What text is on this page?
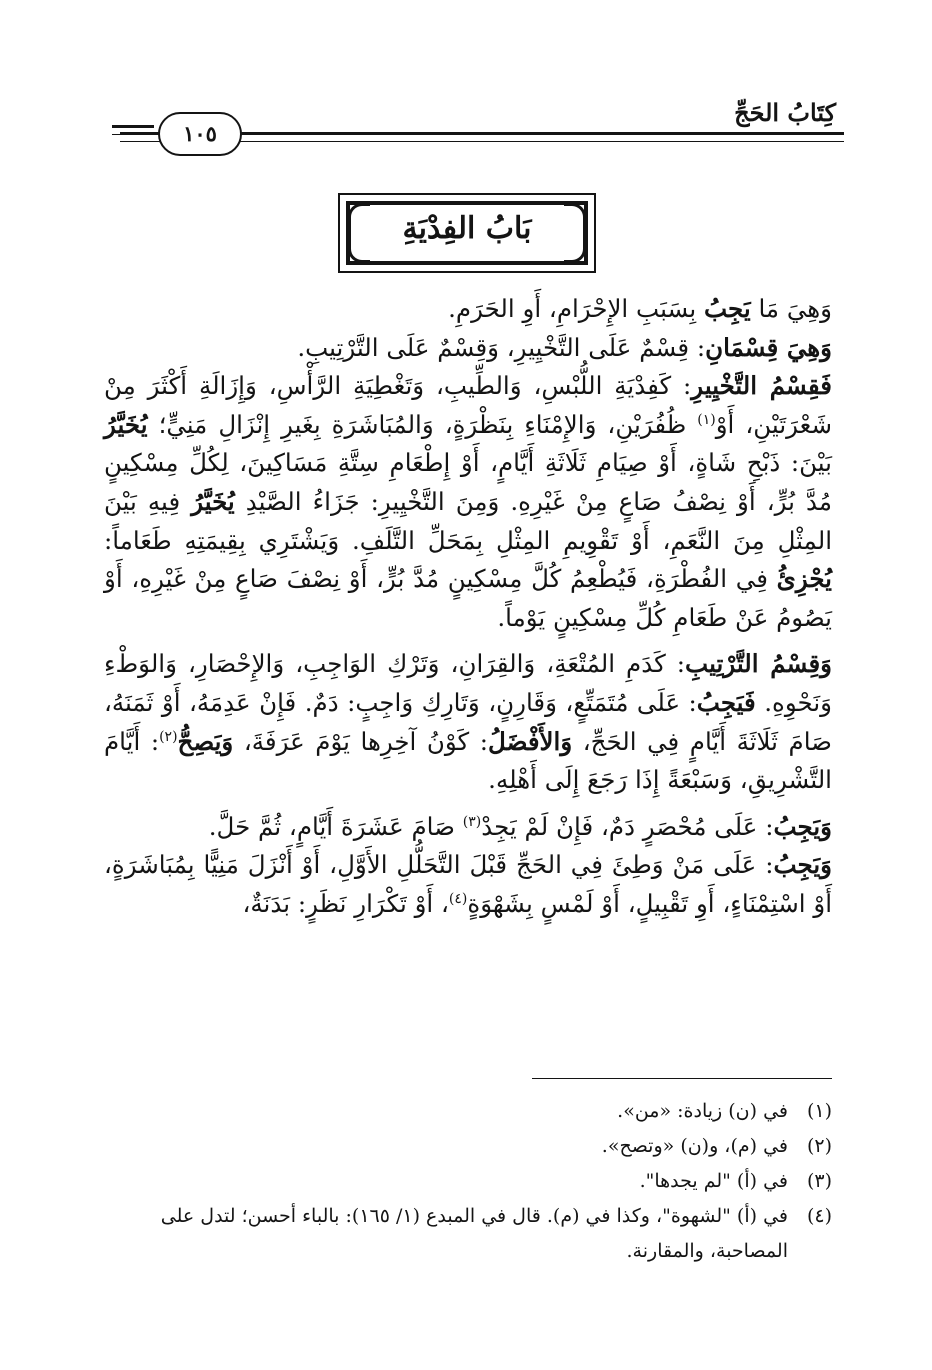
كِتَابُ الحَجِّ
١٠٥
بَابُ الفِدْيَةِ

وَهِيَ مَا يَجِبُ بِسَبَبِ الإِحْرَامِ، أَوِ الحَرَمِ.

وَهِيَ قِسْمَانِ: قِسْمٌ عَلَى التَّخْيِيرِ، وَقِسْمٌ عَلَى التَّرْتِيبِ.

فَقِسْمُ التَّخْيِيرِ: كَفِدْيَةِ اللُّبْسِ، وَالطِّيبِ، وَتَغْطِيَةِ الرَّأْسِ، وَإِزَالَةِ أَكْثَرَ مِنْ شَعْرَتَيْنِ، أَوْ$^{(١)}$ ظُفُرَيْنِ، وَالإِمْنَاءِ بِنَظْرَةٍ، وَالمُبَاشَرَةِ بِغَيرِ إِنْزَالِ مَنِيٍّ؛ يُخَيَّرُ بَيْنَ: ذَبْحِ شَاةٍ، أَوْ صِيَامِ ثَلَاثَةِ أَيَّامٍ، أَوْ إِطْعَامِ سِتَّةِ مَسَاكِينَ، لِكُلِّ مِسْكِينٍ مُدَّ بُرٍّ، أَوْ نِصْفُ صَاعٍ مِنْ غَيْرِهِ. وَمِنَ التَّخْيِيرِ: جَزَاءُ الصَّيْدِ يُخَيَّرُ فِيهِ بَيْنَ المِثْلِ مِنَ النَّعَمِ، أَوْ تَقْوِيمِ المِثْلِ بِمَحَلِّ التَّلَفِ. وَيَشْتَرِي بِقِيمَتِهِ طَعَاماً: يُجْزِئُ فِي الفُطْرَةِ، فَيُطْعِمُ كُلَّ مِسْكِينٍ مُدَّ بُرٍّ، أَوْ نِصْفَ صَاعٍ مِنْ غَيْرِهِ، أَوْ يَصُومُ عَنْ طَعَامِ كُلِّ مِسْكِينٍ يَوْماً.

وَقِسْمُ التَّرْتِيبِ: كَدَمِ المُتْعَةِ، وَالقِرَانِ، وَتَرْكِ الوَاجِبِ، وَالإِحْصَارِ، وَالوَطْءِ وَنَحْوِهِ. فَيَجِبُ: عَلَى مُتَمَتِّعٍ، وَقَارِنٍ، وَتَارِكِ وَاجِبٍ: دَمٌ. فَإِنْ عَدِمَهُ، أَوْ ثَمَنَهُ، صَامَ ثَلَاثَةَ أَيَّامٍ فِي الحَجِّ، وَالأَفْضَلُ: كَوْنُ آخِرِها يَوْمَ عَرَفَةَ، وَيَصِحُّ$^{(٢)}$: أَيَّامَ التَّشْرِيقِ، وَسَبْعَةً إِذَا رَجَعَ إِلَى أَهْلِهِ.

وَيَجِبُ: عَلَى مُحْصَرٍ دَمٌ، فَإِنْ لَمْ يَجِدْ$^{(٣)}$ صَامَ عَشَرَةَ أَيَّامٍ، ثُمَّ حَلَّ.

وَيَجِبُ: عَلَى مَنْ وَطِئَ فِي الحَجِّ قَبْلَ التَّحَلُّلِ الأَوَّلِ، أَوْ أَنْزَلَ مَنِيًّا بِمُبَاشَرَةٍ، أَوْ اسْتِمْنَاءٍ، أَوِ تَقْبِيلٍ، أَوْ لَمْسٍ بِشَهْوَةٍ$^{(٤)}$، أَوْ تَكْرَارِ نَظَرٍ: بَدَنَةٌ،

(١)
في (ن) زيادة: «من».
(٢)
في (م)، و(ن) «وتصح».
(٣)
في (أ) "لم يجدها".
(٤)
في (أ) "لشهوة"، وكذا في (م). قال في المبدع (١/ ١٦٥): بالباء أحسن؛ لتدل على المصاحبة، والمقارنة.
